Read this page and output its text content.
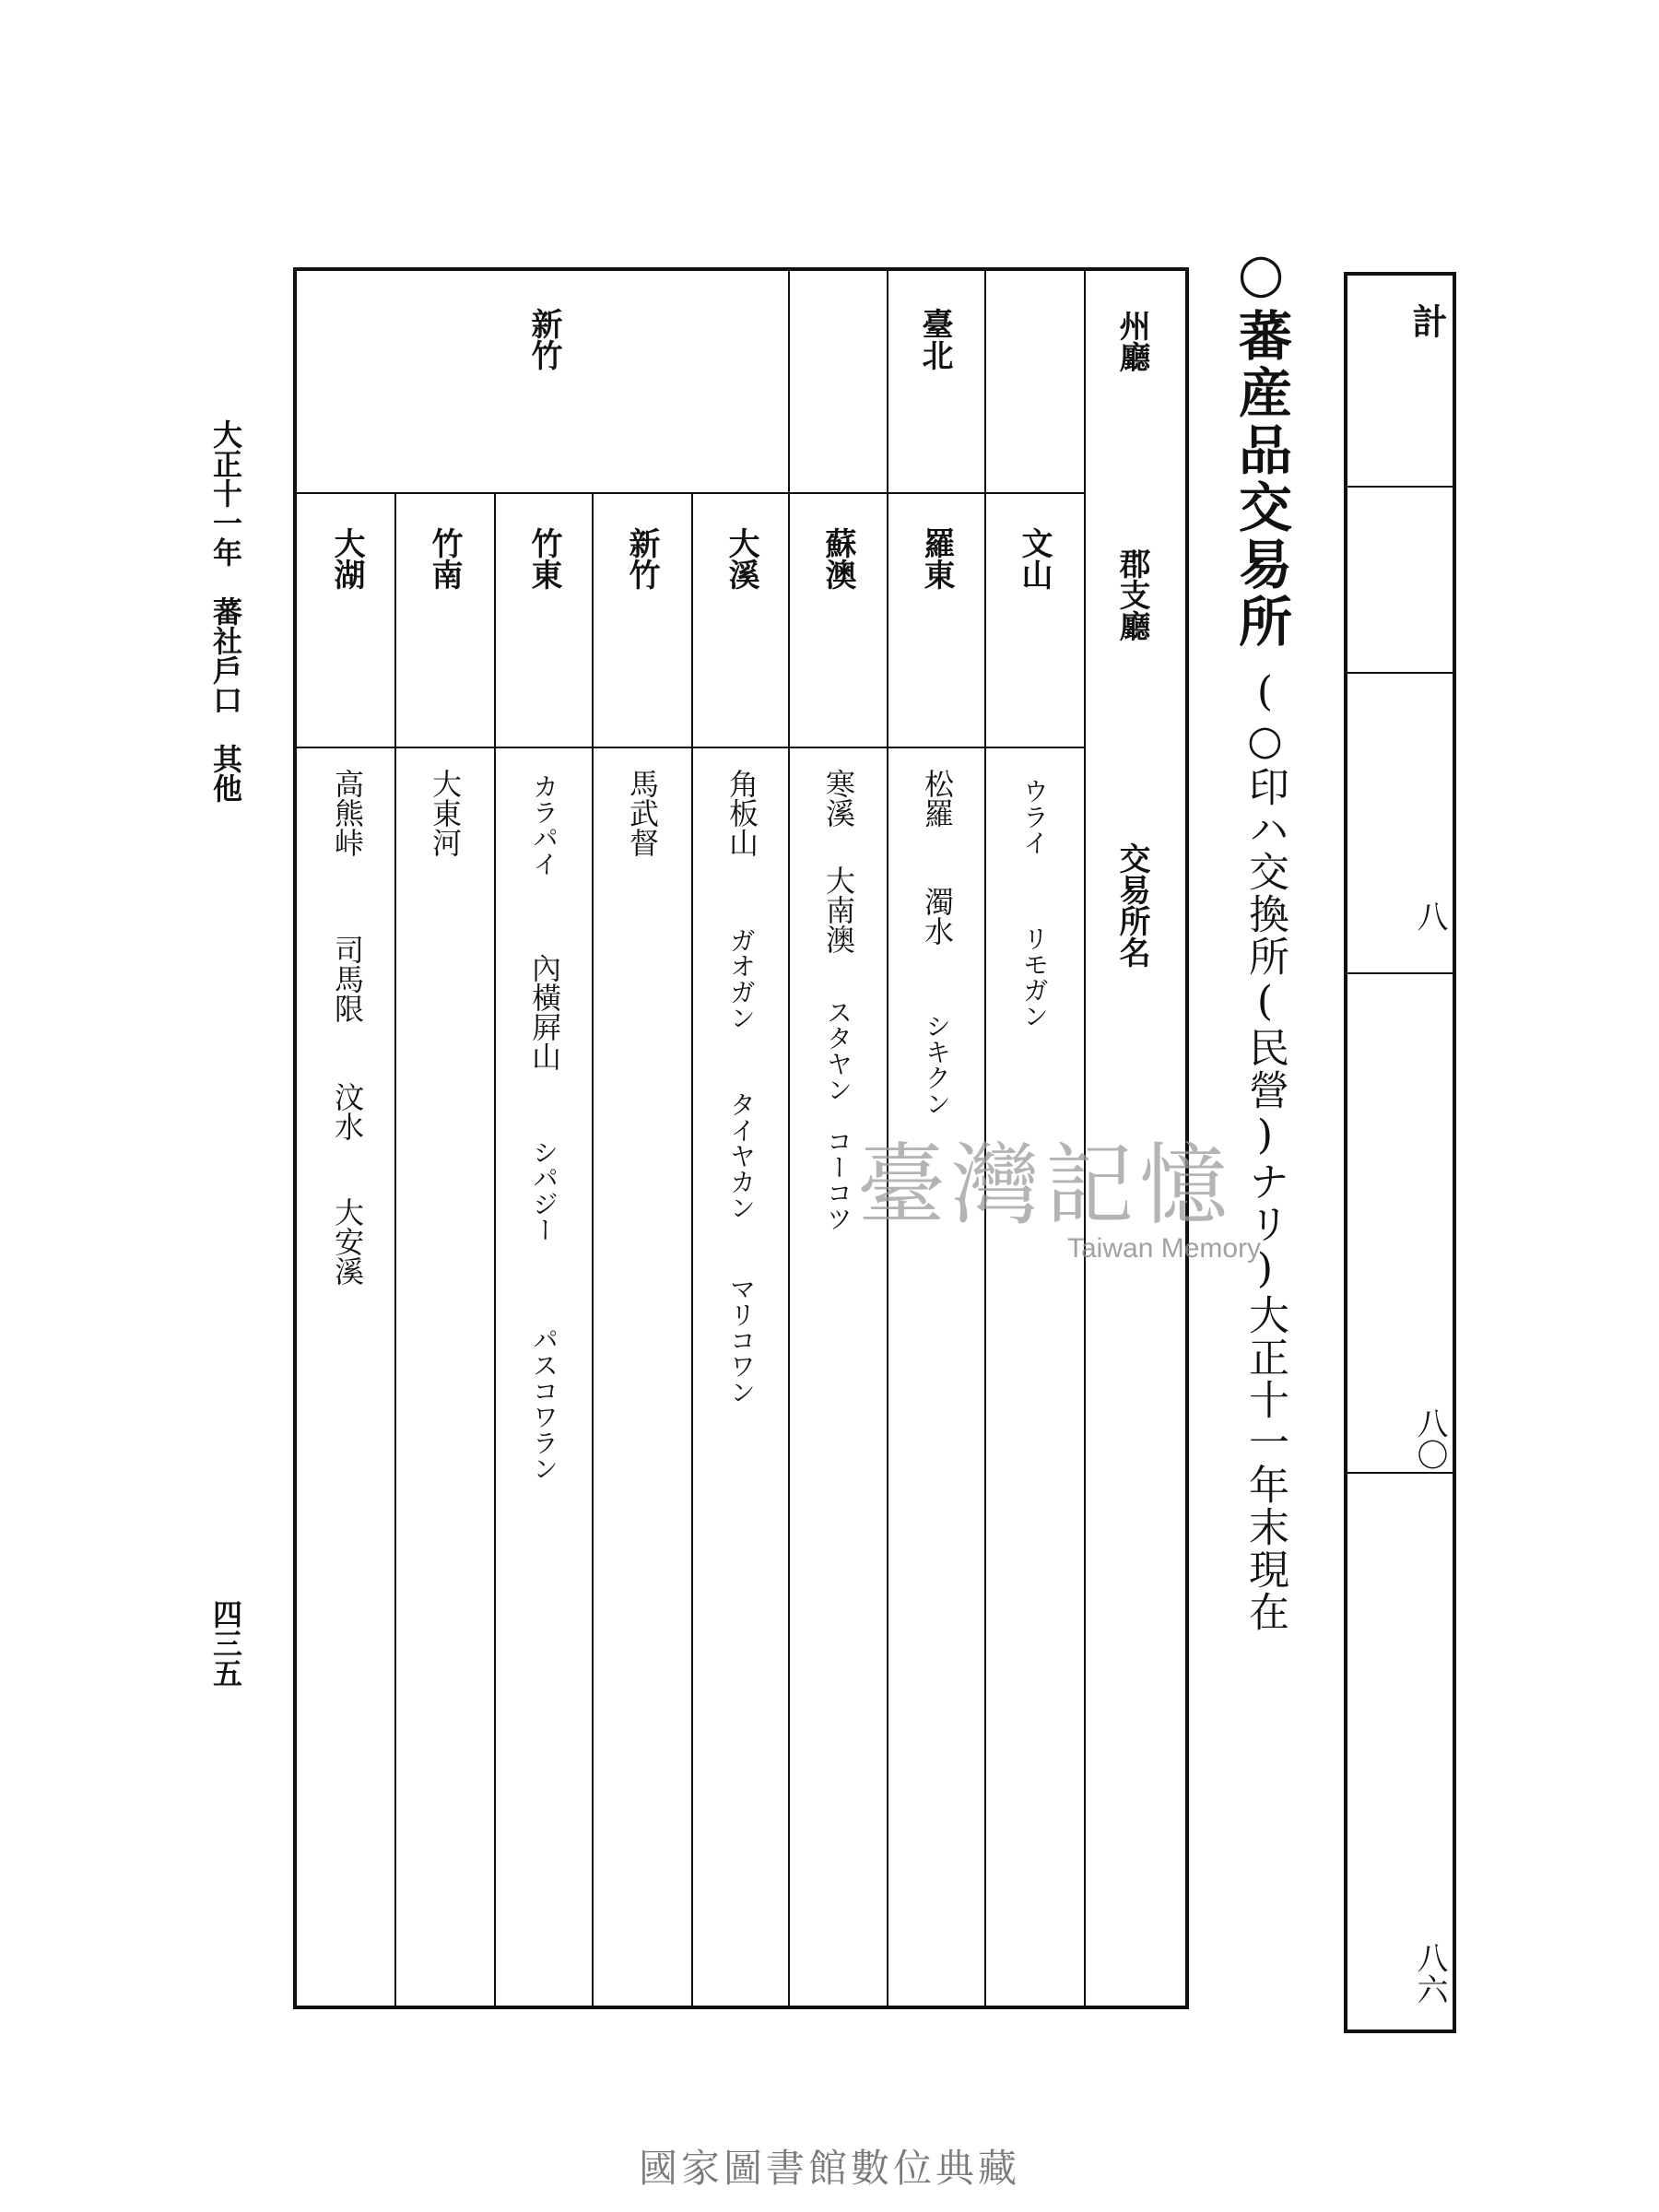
計
八
八〇
八六
○蕃産品交易所
(○印ハ交換所(民營)ナリ)大正十一年末現在
州廳
郡支廳
交易所名
臺北
新竹
文山
羅東
蘇澳
大溪
新竹
竹東
竹南
大湖
ウライ
リモガン
松羅
濁水
シキクン
寒溪
大南澳
スタヤン
コーコツ
角板山
ガオガン
タイヤカン
マリコワン
馬武督
カラパイ
內橫屛山
シパジー
パスコワラン
大東河
高熊峠
司馬限
汶水
大安溪
大正十一年　蕃社戶口　其他
四三五
臺灣記憶
Taiwan Memory
國家圖書館數位典藏
